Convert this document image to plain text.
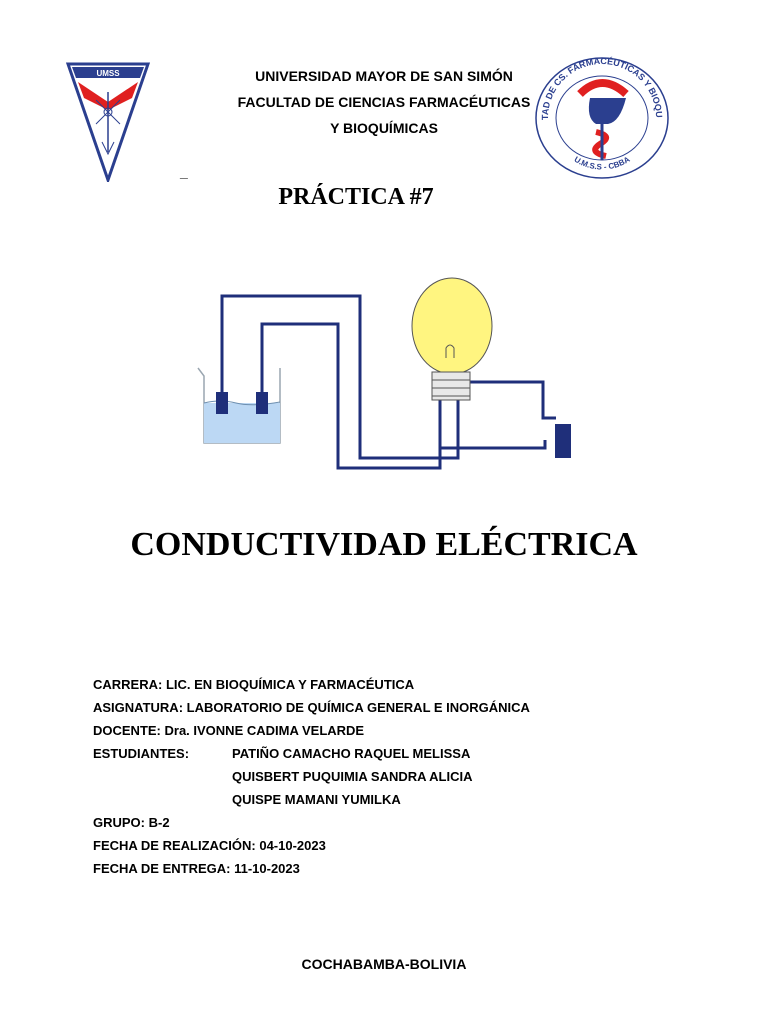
UMSS
TAD DE CS. FARMACÉUTICAS Y BIOQU
U.M.S.S - CBBA
UNIVERSIDAD MAYOR DE SAN SIMÓN
FACULTAD DE CIENCIAS FARMACÉUTICAS
Y BIOQUÍMICAS
_
PRÁCTICA #7
CONDUCTIVIDAD ELÉCTRICA
CARRERA: LIC. EN BIOQUÍMICA Y FARMACÉUTICA
ASIGNATURA: LABORATORIO DE QUÍMICA GENERAL E INORGÁNICA
DOCENTE: Dra. IVONNE CADIMA VELARDE
ESTUDIANTES:	PATIÑO CAMACHO RAQUEL MELISSA
QUISBERT PUQUIMIA SANDRA ALICIA
QUISPE MAMANI YUMILKA
GRUPO: B-2
FECHA DE REALIZACIÓN: 04-10-2023
FECHA DE ENTREGA: 11-10-2023
COCHABAMBA-BOLIVIA
